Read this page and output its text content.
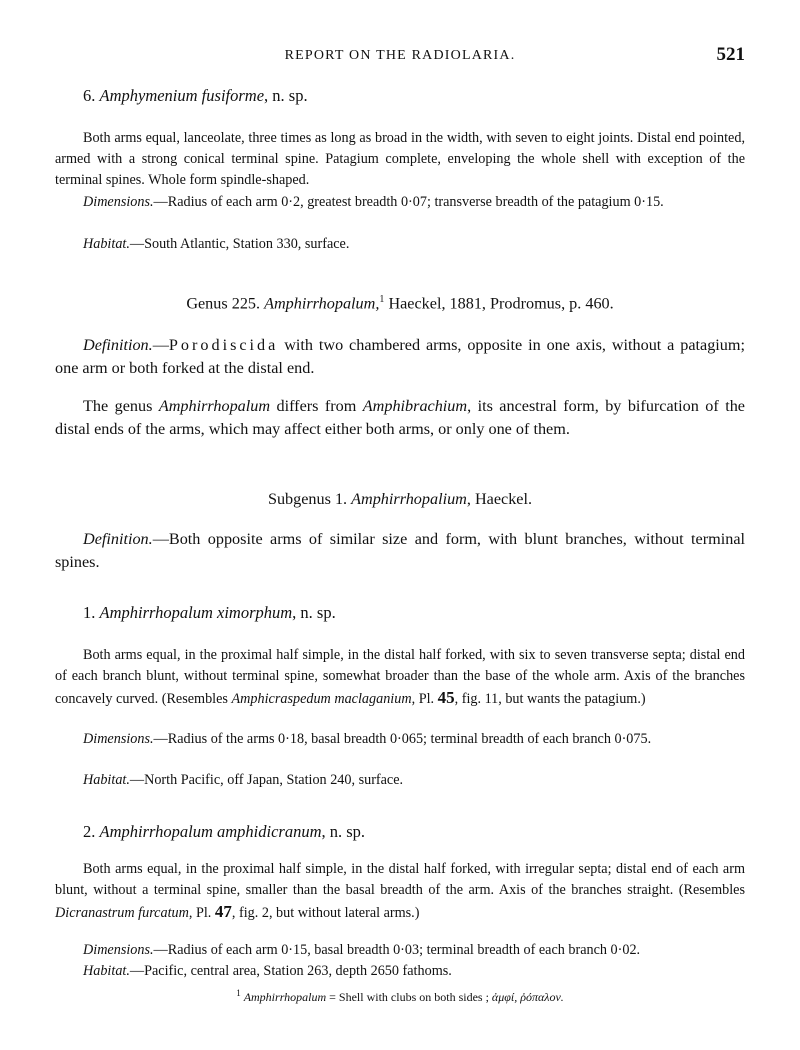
REPORT ON THE RADIOLARIA.	521

6. Amphymenium fusiforme, n. sp.

Both arms equal, lanceolate, three times as long as broad in the width, with seven to eight joints. Distal end pointed, armed with a strong conical terminal spine. Patagium complete, enveloping the whole shell with exception of the terminal spines. Whole form spindle-shaped.

Dimensions.—Radius of each arm 0·2, greatest breadth 0·07; transverse breadth of the patagium 0·15.

Habitat.—South Atlantic, Station 330, surface.

Genus 225. Amphirrhopalum,$^1$ Haeckel, 1881, Prodromus, p. 460.

Definition.—Porodiscida with two chambered arms, opposite in one axis, without a patagium; one arm or both forked at the distal end.
The genus Amphirrhopalum differs from Amphibrachium, its ancestral form, by bifurcation of the distal ends of the arms, which may affect either both arms, or only one of them.

Subgenus 1. Amphirrhopalium, Haeckel.

Definition.—Both opposite arms of similar size and form, with blunt branches, without terminal spines.

1. Amphirrhopalum ximorphum, n. sp.

Both arms equal, in the proximal half simple, in the distal half forked, with six to seven transverse septa; distal end of each branch blunt, without terminal spine, somewhat broader than the base of the whole arm. Axis of the branches concavely curved. (Resembles Amphicraspedum maclaganium, Pl. 45, fig. 11, but wants the patagium.)

Dimensions.—Radius of the arms 0·18, basal breadth 0·065; terminal breadth of each branch 0·075.

Habitat.—North Pacific, off Japan, Station 240, surface.

2. Amphirrhopalum amphidicranum, n. sp.

Both arms equal, in the proximal half simple, in the distal half forked, with irregular septa; distal end of each arm blunt, without a terminal spine, smaller than the basal breadth of the arm. Axis of the branches straight. (Resembles Dicranastrum furcatum, Pl. 47, fig. 2, but without lateral arms.)

Dimensions.—Radius of each arm 0·15, basal breadth 0·03; terminal breadth of each branch 0·02.

Habitat.—Pacific, central area, Station 263, depth 2650 fathoms.

$^1$ Amphirrhopalum = Shell with clubs on both sides ; ἀμφί, ῥόπαλον.
